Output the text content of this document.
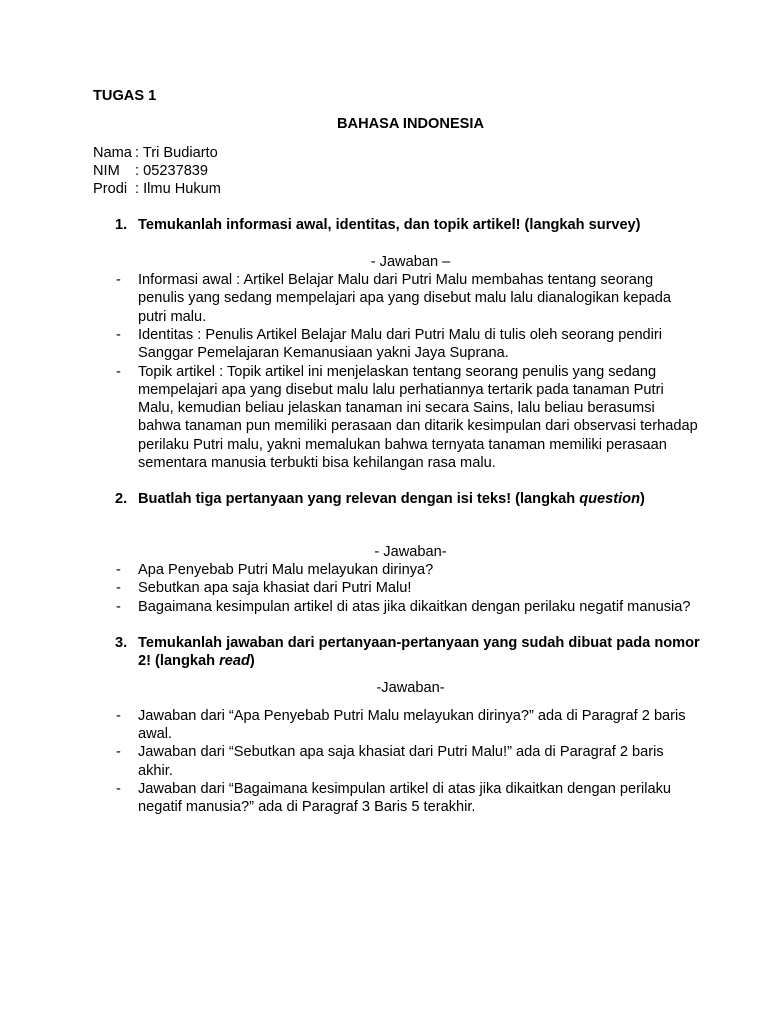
TUGAS 1

BAHASA INDONESIA

Nama : Tri Budiarto
NIM	: 05237839
Prodi : Ilmu Hukum
1. Temukanlah informasi awal, identitas, dan topik artikel! (langkah survey)

- Jawaban –

-	Informasi awal : Artikel Belajar Malu dari Putri Malu membahas tentang seorang penulis yang sedang mempelajari apa yang disebut malu lalu dianalogikan kepada putri malu.
-	Identitas : Penulis Artikel Belajar Malu dari Putri Malu di tulis oleh seorang pendiri Sanggar Pemelajaran Kemanusiaan yakni Jaya Suprana.
-	Topik artikel : Topik artikel ini menjelaskan tentang seorang penulis yang sedang mempelajari apa yang disebut malu lalu perhatiannya tertarik pada tanaman Putri Malu, kemudian beliau jelaskan tanaman ini secara Sains, lalu beliau berasumsi bahwa tanaman pun memiliki perasaan dan ditarik kesimpulan dari observasi terhadap perilaku Putri malu, yakni memalukan bahwa ternyata tanaman memiliki perasaan sementara manusia terbukti bisa kehilangan rasa malu.
2. Buatlah tiga pertanyaan yang relevan dengan isi teks! (langkah question)

- Jawaban-

-	Apa Penyebab Putri Malu melayukan dirinya?
-	Sebutkan apa saja khasiat dari Putri Malu!
-	Bagaimana kesimpulan artikel di atas jika dikaitkan dengan perilaku negatif manusia?
3. Temukanlah jawaban dari pertanyaan-pertanyaan yang sudah dibuat pada nomor 2! (langkah read)

-Jawaban-

-	Jawaban dari “Apa Penyebab Putri Malu melayukan dirinya?” ada di Paragraf 2 baris awal.
-	Jawaban dari “Sebutkan apa saja khasiat dari Putri Malu!” ada di Paragraf 2 baris akhir.
-	Jawaban dari “Bagaimana kesimpulan artikel di atas jika dikaitkan dengan perilaku negatif manusia?” ada di Paragraf 3 Baris 5 terakhir.
